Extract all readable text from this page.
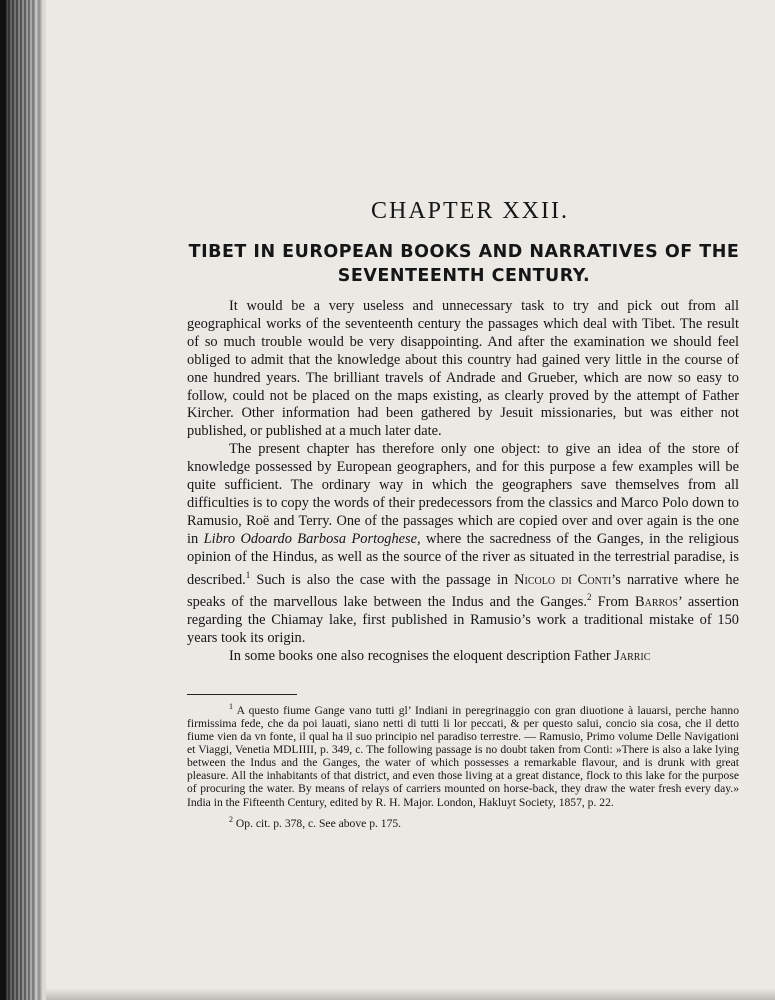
CHAPTER XXII.
TIBET IN EUROPEAN BOOKS AND NARRATIVES OF THE SEVENTEENTH CENTURY.

It would be a very useless and unnecessary task to try and pick out from all geographical works of the seventeenth century the passages which deal with Tibet. The result of so much trouble would be very disappointing. And after the examination we should feel obliged to admit that the knowledge about this country had gained very little in the course of one hundred years. The brilliant travels of Andrade and Grueber, which are now so easy to follow, could not be placed on the maps existing, as clearly proved by the attempt of Father Kircher. Other information had been gathered by Jesuit missionaries, but was either not published, or published at a much later date.

The present chapter has therefore only one object: to give an idea of the store of knowledge possessed by European geographers, and for this purpose a few examples will be quite sufficient. The ordinary way in which the geographers save themselves from all difficulties is to copy the words of their predecessors from the classics and Marco Polo down to Ramusio, Roë and Terry. One of the passages which are copied over and over again is the one in Libro Odoardo Barbosa Portoghese, where the sacredness of the Ganges, in the religious opinion of the Hindus, as well as the source of the river as situated in the terrestrial paradise, is described.$^1$ Such is also the case with the passage in Nicolo di Conti’s narrative where he speaks of the marvellous lake between the Indus and the Ganges.$^2$ From Barros’ assertion regarding the Chiamay lake, first published in Ramusio’s work a traditional mistake of 150 years took its origin.

In some books one also recognises the eloquent description Father Jarric

$^1$ A questo fiume Gange vano tutti gl’ Indiani in peregrinaggio con gran diuotione à lauarsi, perche hanno firmissima fede, che da poi lauati, siano netti di tutti li lor peccati, & per questo salui, concio sia cosa, che il detto fiume vien da vn fonte, il qual ha il suo principio nel paradiso terrestre. — Ramusio, Primo volume Delle Navigationi et Viaggi, Venetia MDLIIII, p. 349, c. The following passage is no doubt taken from Conti: »There is also a lake lying between the Indus and the Ganges, the water of which possesses a remarkable flavour, and is drunk with great pleasure. All the inhabitants of that district, and even those living at a great distance, flock to this lake for the purpose of procuring the water. By means of relays of carriers mounted on horse-back, they draw the water fresh every day.» India in the Fifteenth Century, edited by R. H. Major. London, Hakluyt Society, 1857, p. 22.

$^2$ Op. cit. p. 378, c. See above p. 175.
